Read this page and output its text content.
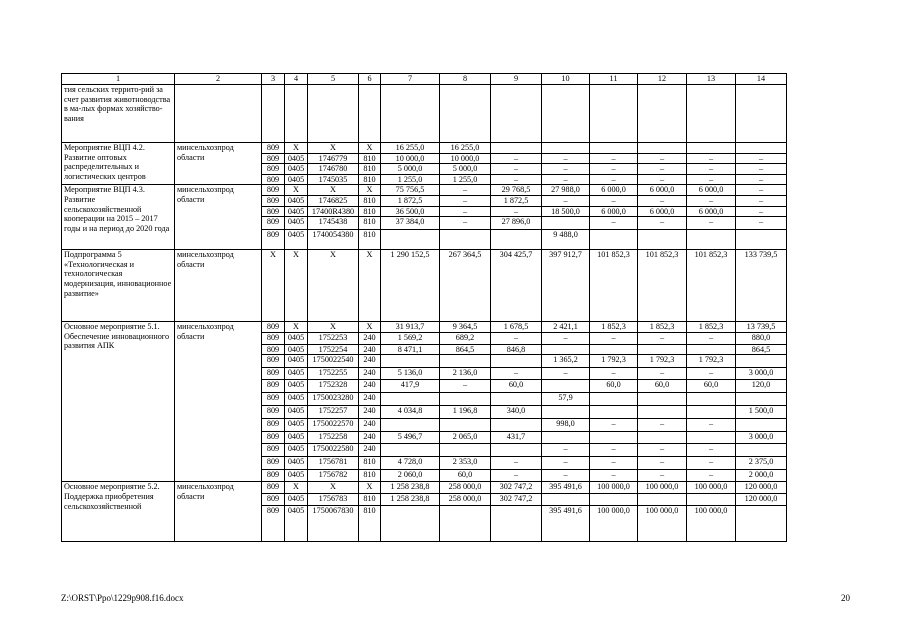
1	2	3	4	5	6	7	8	9	10	11	12	13	14
тия сельских террито-рий за счет развития животноводства в ма-лых формах хозяйство-вания													
Мероприятие ВЦП 4.2. Развитие оптовых распределительных и логистических центров	минсельхозпрод области	809	X	X	X	16 255,0	16 255,0						
		809	0405	1746779	810	10 000,0	10 000,0	–	–	–	–	–	–
		809	0405	1746780	810	5 000,0	5 000,0	–	–	–	–	–	–
		809	0405	1745035	810	1 255,0	1 255,0	–	–	–	–	–	–
Мероприятие ВЦП 4.3. Развитие сельскохозяйственной кооперации на 2015 – 2017 годы и на период до 2020 года	минсельхозпрод области	809	X	X	X	75 756,5	–	29 768,5	27 988,0	6 000,0	6 000,0	6 000,0	–
		809	0405	1746825	810	1 872,5	–	1 872,5	–	–	–	–	–
		809	0405	17400R4380	810	36 500,0	–	–	18 500,0	6 000,0	6 000,0	6 000,0	–
		809	0405	1745438	810	37 384,0	–	27 896,0		–	–	–	–
		809	0405	1740054380	810				9 488,0				
Подпрограмма 5 «Технологическая и технологическая модернизация, инновационное развитие»	минсельхозпрод области	X	X	X	X	1 290 152,5	267 364,5	304 425,7	397 912,7	101 852,3	101 852,3	101 852,3	133 739,5
Основное мероприятие 5.1. Обеспечение инновационного развития АПК	минсельхозпрод области	809	X	X	X	31 913,7	9 364,5	1 678,5	2 421,1	1 852,3	1 852,3	1 852,3	13 739,5
		809	0405	1752253	240	1 569,2	689,2	–	–	–	–	–	880,0
		809	0405	1752254	240	8 471,1	864,5	846,8					864,5
		809	0405	1750022540	240				1 365,2	1 792,3	1 792,3	1 792,3	
		809	0405	1752255	240	5 136,0	2 136,0	–	–	–	–	–	3 000,0
		809	0405	1752328	240	417,9	–	60,0		60,0	60,0	60,0	120,0
		809	0405	1750023280	240				57,9				
		809	0405	1752257	240	4 034,8	1 196,8	340,0					1 500,0
		809	0405	1750022570	240				998,0	–	–	–	
		809	0405	1752258	240	5 496,7	2 065,0	431,7					3 000,0
		809	0405	1750022580	240				–	–	–	–	
		809	0405	1756781	810	4 728,0	2 353,0	–	–	–	–	–	2 375,0
		809	0405	1756782	810	2 060,0	60,0	–	–	–	–	–	2 000,0
Основное мероприятие 5.2. Поддержка приобретения сельскохозяйственной	минсельхозпрод области	809	X	X	X	1 258 238,8	258 000,0	302 747,2	395 491,6	100 000,0	100 000,0	100 000,0	120 000,0
		809	0405	1756783	810	1 258 238,8	258 000,0	302 747,2					120 000,0
		809	0405	1750067830	810				395 491,6	100 000,0	100 000,0	100 000,0	
Z:\ORST\Ppo\1229p908.f16.docx	20
